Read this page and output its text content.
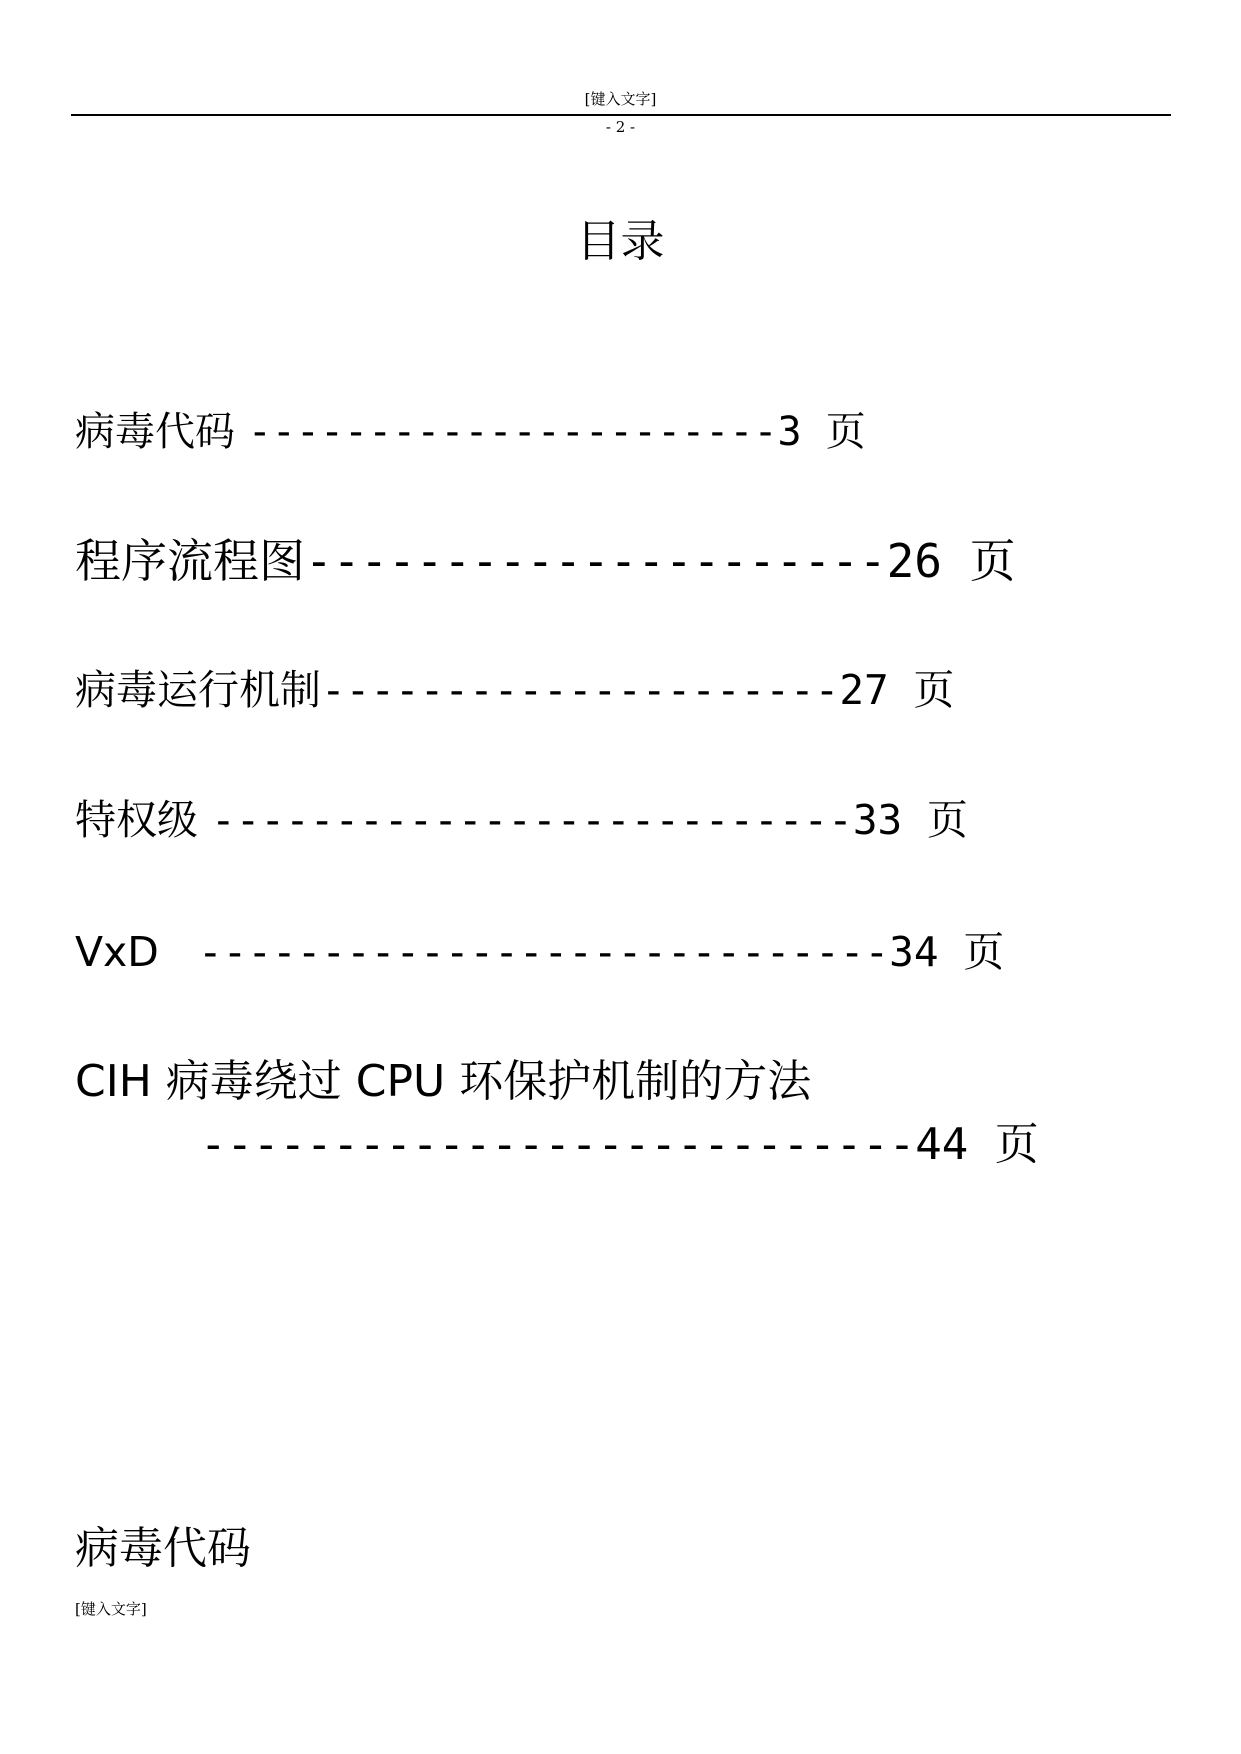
[键入文字]
- 2 -
目录
病毒代码 ----------------------3 页
程序流程图---------------------26 页
病毒运行机制---------------------27 页
特权级 --------------------------33 页
VxD   ----------------------------34 页
CIH 病毒绕过 CPU 环保护机制的方法
---------------------------44 页
病毒代码
[键入文字]
